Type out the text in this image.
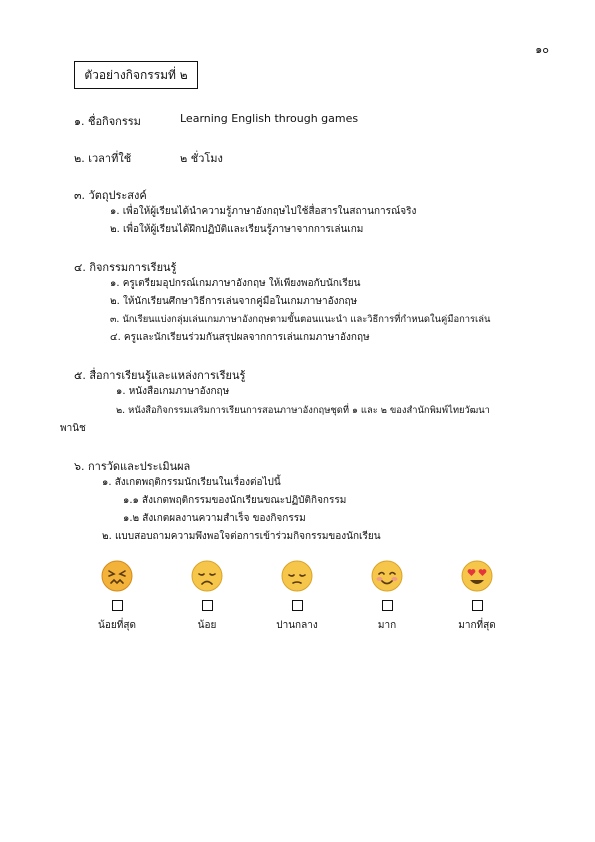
๑๐
ตัวอย่างกิจกรรมที่ ๒
๑. ชื่อกิจกรรม	Learning English through games
๒. เวลาที่ใช้	๒ ชั่วโมง
๓. วัตถุประสงค์
๑. เพื่อให้ผู้เรียนได้นำความรู้ภาษาอังกฤษไปใช้สื่อสารในสถานการณ์จริง
๒. เพื่อให้ผู้เรียนได้ฝึกปฏิบัติและเรียนรู้ภาษาจากการเล่นเกม
๔. กิจกรรมการเรียนรู้
๑. ครูเตรียมอุปกรณ์เกมภาษาอังกฤษ ให้เพียงพอกับนักเรียน
๒. ให้นักเรียนศึกษาวิธีการเล่นจากคู่มือในเกมภาษาอังกฤษ
๓. นักเรียนแบ่งกลุ่มเล่นเกมภาษาอังกฤษตามขั้นตอนแนะนำ และวิธีการที่กำหนดในคู่มือการเล่น
๔. ครูและนักเรียนร่วมกันสรุปผลจากการเล่นเกมภาษาอังกฤษ
๕. สื่อการเรียนรู้และแหล่งการเรียนรู้
๑. หนังสือเกมภาษาอังกฤษ
๒. หนังสือกิจกรรมเสริมการเรียนการสอนภาษาอังกฤษชุดที่ ๑ และ ๒ ของสำนักพิมพ์ไทยวัฒนา
พานิช
๖. การวัดและประเมินผล
๑. สังเกตพฤติกรรมนักเรียนในเรื่องต่อไปนี้
๑.๑ สังเกตพฤติกรรมของนักเรียนขณะปฏิบัติกิจกรรม
๑.๒ สังเกตผลงานความสำเร็จ ของกิจกรรม
๒. แบบสอบถามความพึงพอใจต่อการเข้าร่วมกิจกรรมของนักเรียน
น้อยที่สุด	น้อย	ปานกลาง	มาก	มากที่สุด
